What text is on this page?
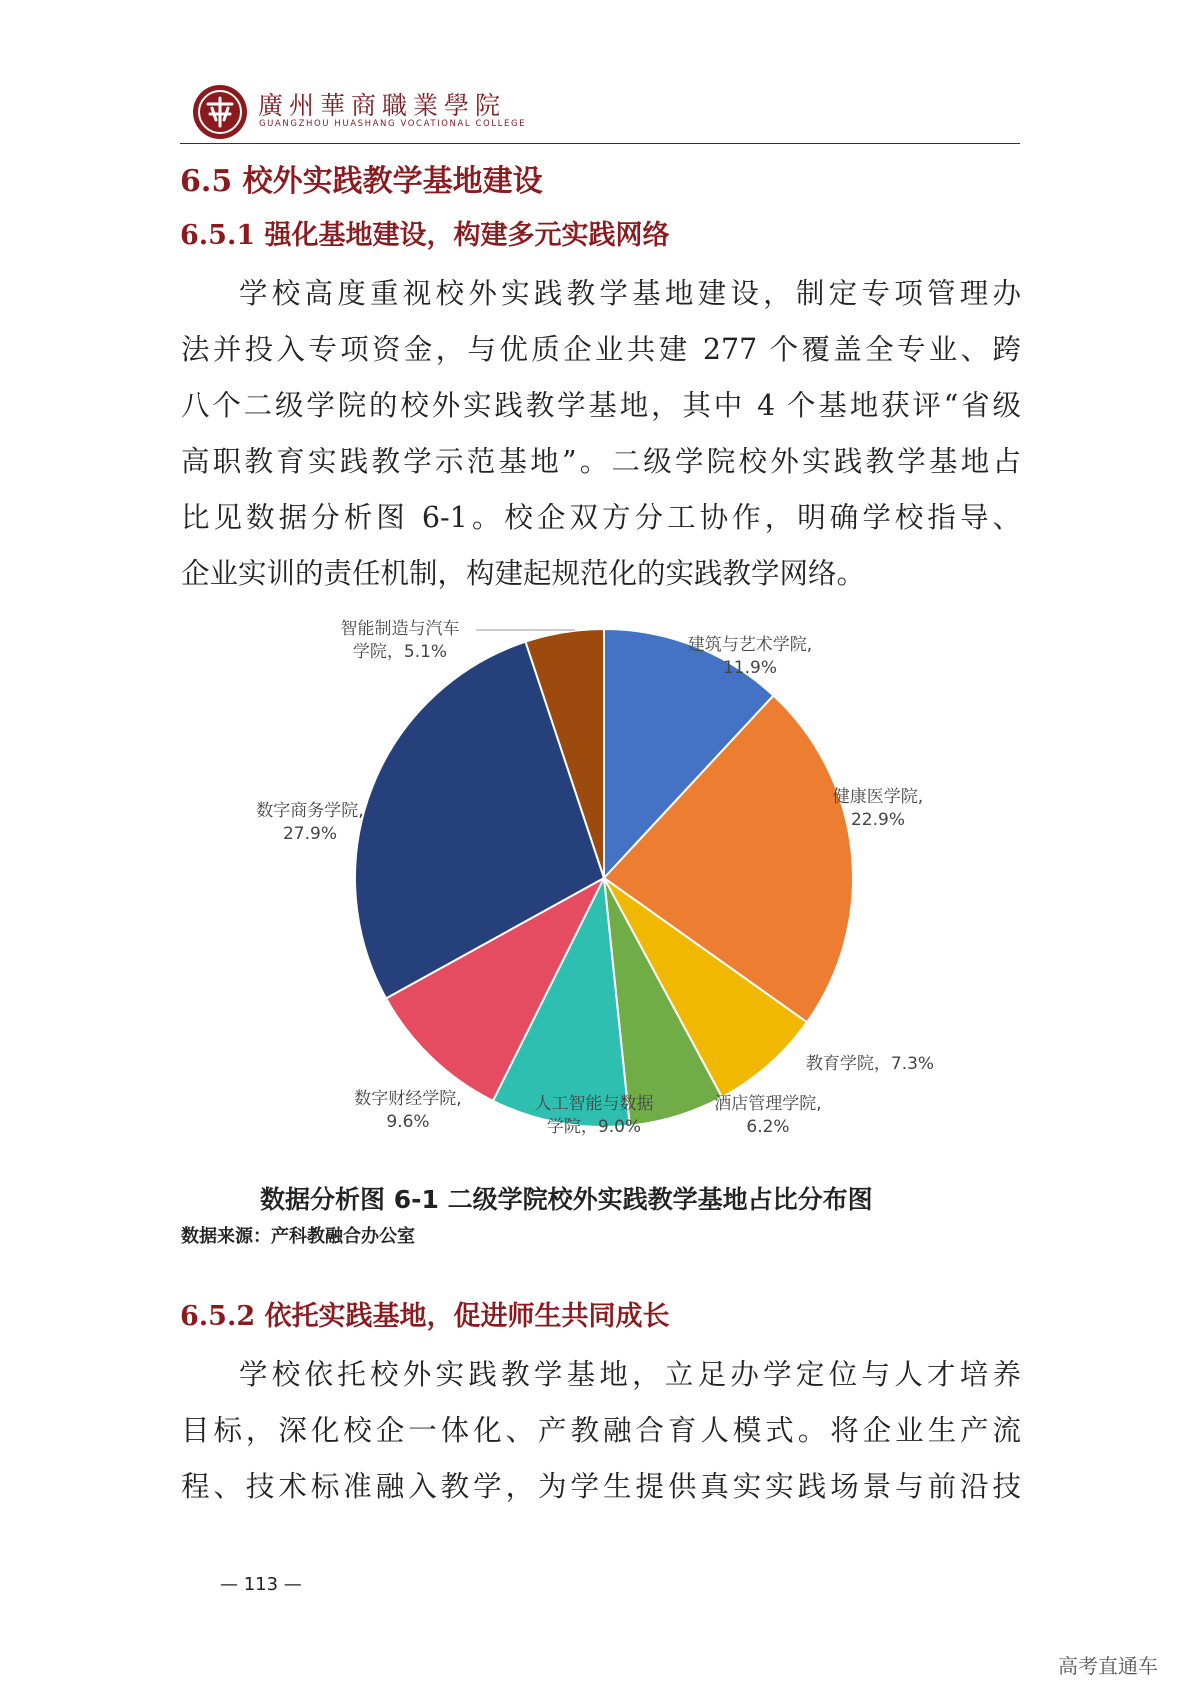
廣州華商職業學院
GUANGZHOU HUASHANG VOCATIONAL COLLEGE
6.5 校外实践教学基地建设
6.5.1 强化基地建设，构建多元实践网络
学校高度重视校外实践教学基地建设，制定专项管理办
法并投入专项资金，与优质企业共建 277 个覆盖全专业、跨
八个二级学院的校外实践教学基地，其中 4 个基地获评“省级
高职教育实践教学示范基地”。二级学院校外实践教学基地占
比见数据分析图 6-1。校企双方分工协作，明确学校指导、
企业实训的责任机制，构建起规范化的实践教学网络。
建筑与艺术学院, 11.9%
健康医学院, 22.9%
教育学院，7.3%
酒店管理学院, 6.2%
人工智能与数据学院，9.0%
数字财经学院, 9.6%
数字商务学院, 27.9%
智能制造与汽车学院，5.1%
数据分析图 6-1 二级学院校外实践教学基地占比分布图
数据来源：产科教融合办公室
6.5.2 依托实践基地，促进师生共同成长
学校依托校外实践教学基地，立足办学定位与人才培养
目标，深化校企一体化、产教融合育人模式。将企业生产流
程、技术标准融入教学，为学生提供真实实践场景与前沿技
— 113 —
高考直通车
